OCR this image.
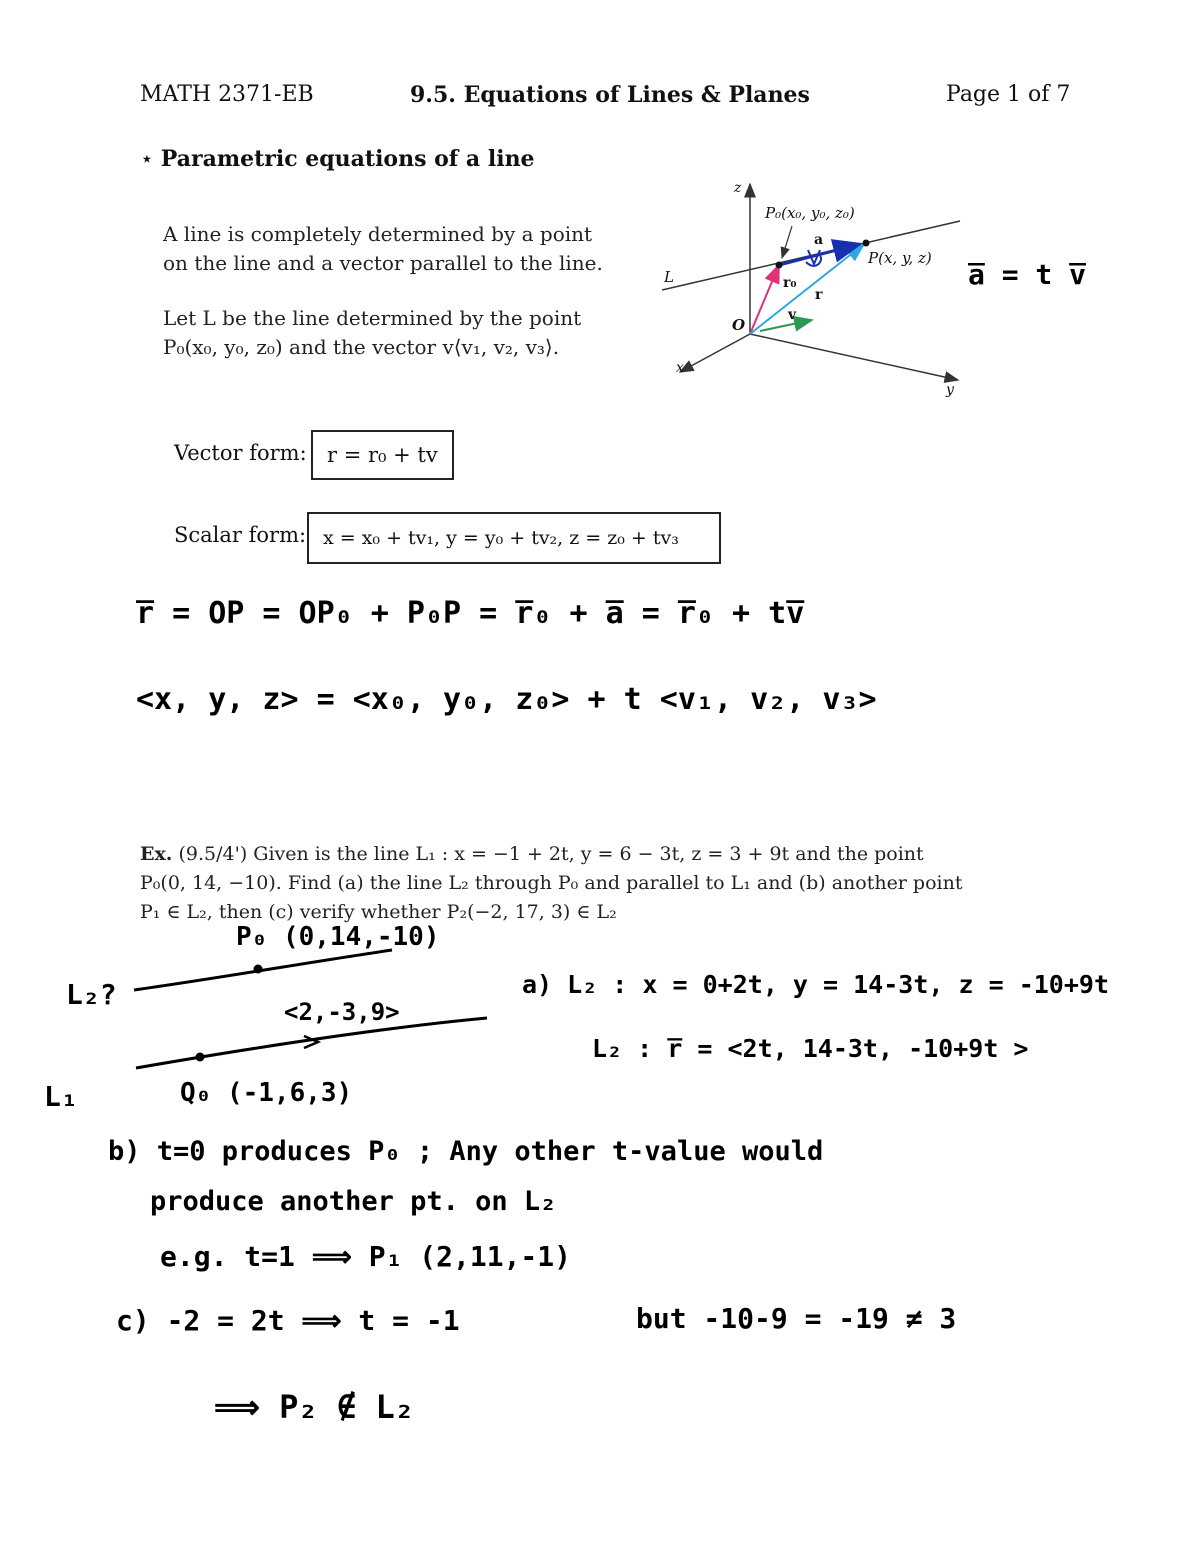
MATH 2371-EB	9.5. Equations of Lines & Planes	Page 1 of 7
⋆ Parametric equations of a line
A line is completely determined by a point
on the line and a vector parallel to the line.
Let L be the line determined by the point
P₀(x₀, y₀, z₀) and the vector v⟨v₁, v₂, v₃⟩.
z
x
y
O
L
P₀(x₀, y₀, z₀)
P(x, y, z)
a
r₀
r
v
a̅ = t v̅
Vector form: r = r₀ + tv
Scalar form: x = x₀ + tv₁, y = y₀ + tv₂, z = z₀ + tv₃
r̅ = OP = OP₀ + P₀P = r̅₀ + a̅ = r̅₀ + tv̅
<x, y, z> = <x₀, y₀, z₀> + t <v₁, v₂, v₃>
Ex. (9.5/4') Given is the line L₁ : x = −1 + 2t, y = 6 − 3t, z = 3 + 9t and the point
P₀(0, 14, −10). Find (a) the line L₂ through P₀ and parallel to L₁ and (b) another point
P₁ ∈ L₂, then (c) verify whether P₂(−2, 17, 3) ∈ L₂
P₀ (0,14,-10)
L₂?
<2,-3,9>
Q₀ (-1,6,3)
L₁
a) L₂ : x = 0+2t, y = 14-3t, z = -10+9t
L₂ : r̅ = <2t, 14-3t, -10+9t >
b) t=0 produces P₀ ; Any other t-value would
produce another pt. on L₂
e.g. t=1 ⟹ P₁ (2,11,-1)
c) -2 = 2t ⟹ t = -1	but -10-9 = -19 ≠ 3
⟹ P₂ ∉ L₂
